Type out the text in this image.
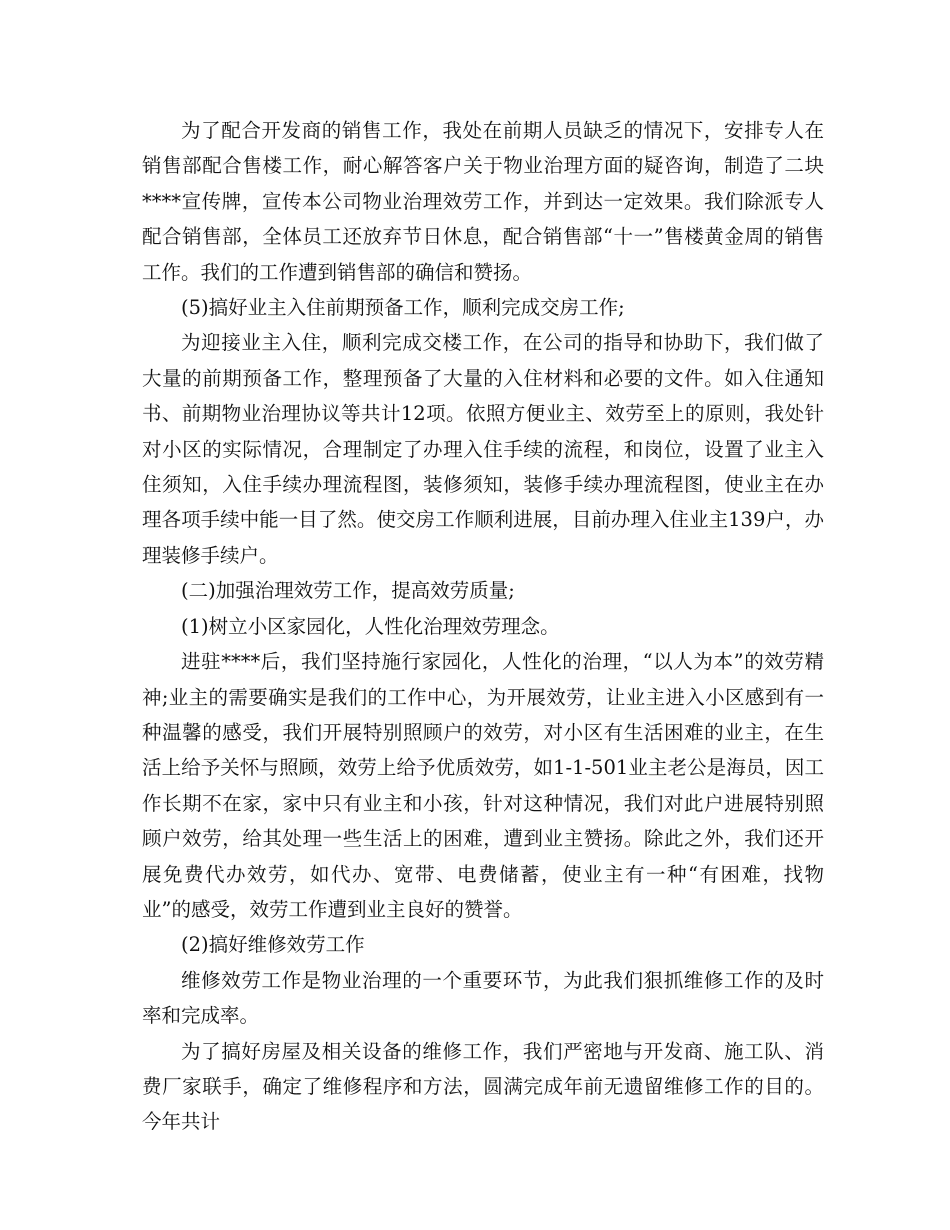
为了配合开发商的销售工作，我处在前期人员缺乏的情况下，安排专人在销售部配合售楼工作，耐心解答客户关于物业治理方面的疑咨询，制造了二块****宣传牌，宣传本公司物业治理效劳工作，并到达一定效果。我们除派专人配合销售部，全体员工还放弃节日休息，配合销售部“十一”售楼黄金周的销售工作。我们的工作遭到销售部的确信和赞扬。

(5)搞好业主入住前期预备工作，顺利完成交房工作;

为迎接业主入住，顺利完成交楼工作，在公司的指导和协助下，我们做了大量的前期预备工作，整理预备了大量的入住材料和必要的文件。如入住通知书、前期物业治理协议等共计12项。依照方便业主、效劳至上的原则，我处针对小区的实际情况，合理制定了办理入住手续的流程，和岗位，设置了业主入住须知，入住手续办理流程图，装修须知，装修手续办理流程图，使业主在办理各项手续中能一目了然。使交房工作顺利进展，目前办理入住业主139户，办理装修手续户。

(二)加强治理效劳工作，提高效劳质量;

(1)树立小区家园化，人性化治理效劳理念。

进驻****后，我们坚持施行家园化，人性化的治理，“以人为本”的效劳精神;业主的需要确实是我们的工作中心，为开展效劳，让业主进入小区感到有一种温馨的感受，我们开展特别照顾户的效劳，对小区有生活困难的业主，在生活上给予关怀与照顾，效劳上给予优质效劳，如1-1-501业主老公是海员，因工作长期不在家，家中只有业主和小孩，针对这种情况，我们对此户进展特别照顾户效劳，给其处理一些生活上的困难，遭到业主赞扬。除此之外，我们还开展免费代办效劳，如代办、宽带、电费储蓄，使业主有一种“有困难，找物业”的感受，效劳工作遭到业主良好的赞誉。

(2)搞好维修效劳工作

维修效劳工作是物业治理的一个重要环节，为此我们狠抓维修工作的及时率和完成率。

为了搞好房屋及相关设备的维修工作，我们严密地与开发商、施工队、消费厂家联手，确定了维修程序和方法，圆满完成年前无遗留维修工作的目的。今年共计
